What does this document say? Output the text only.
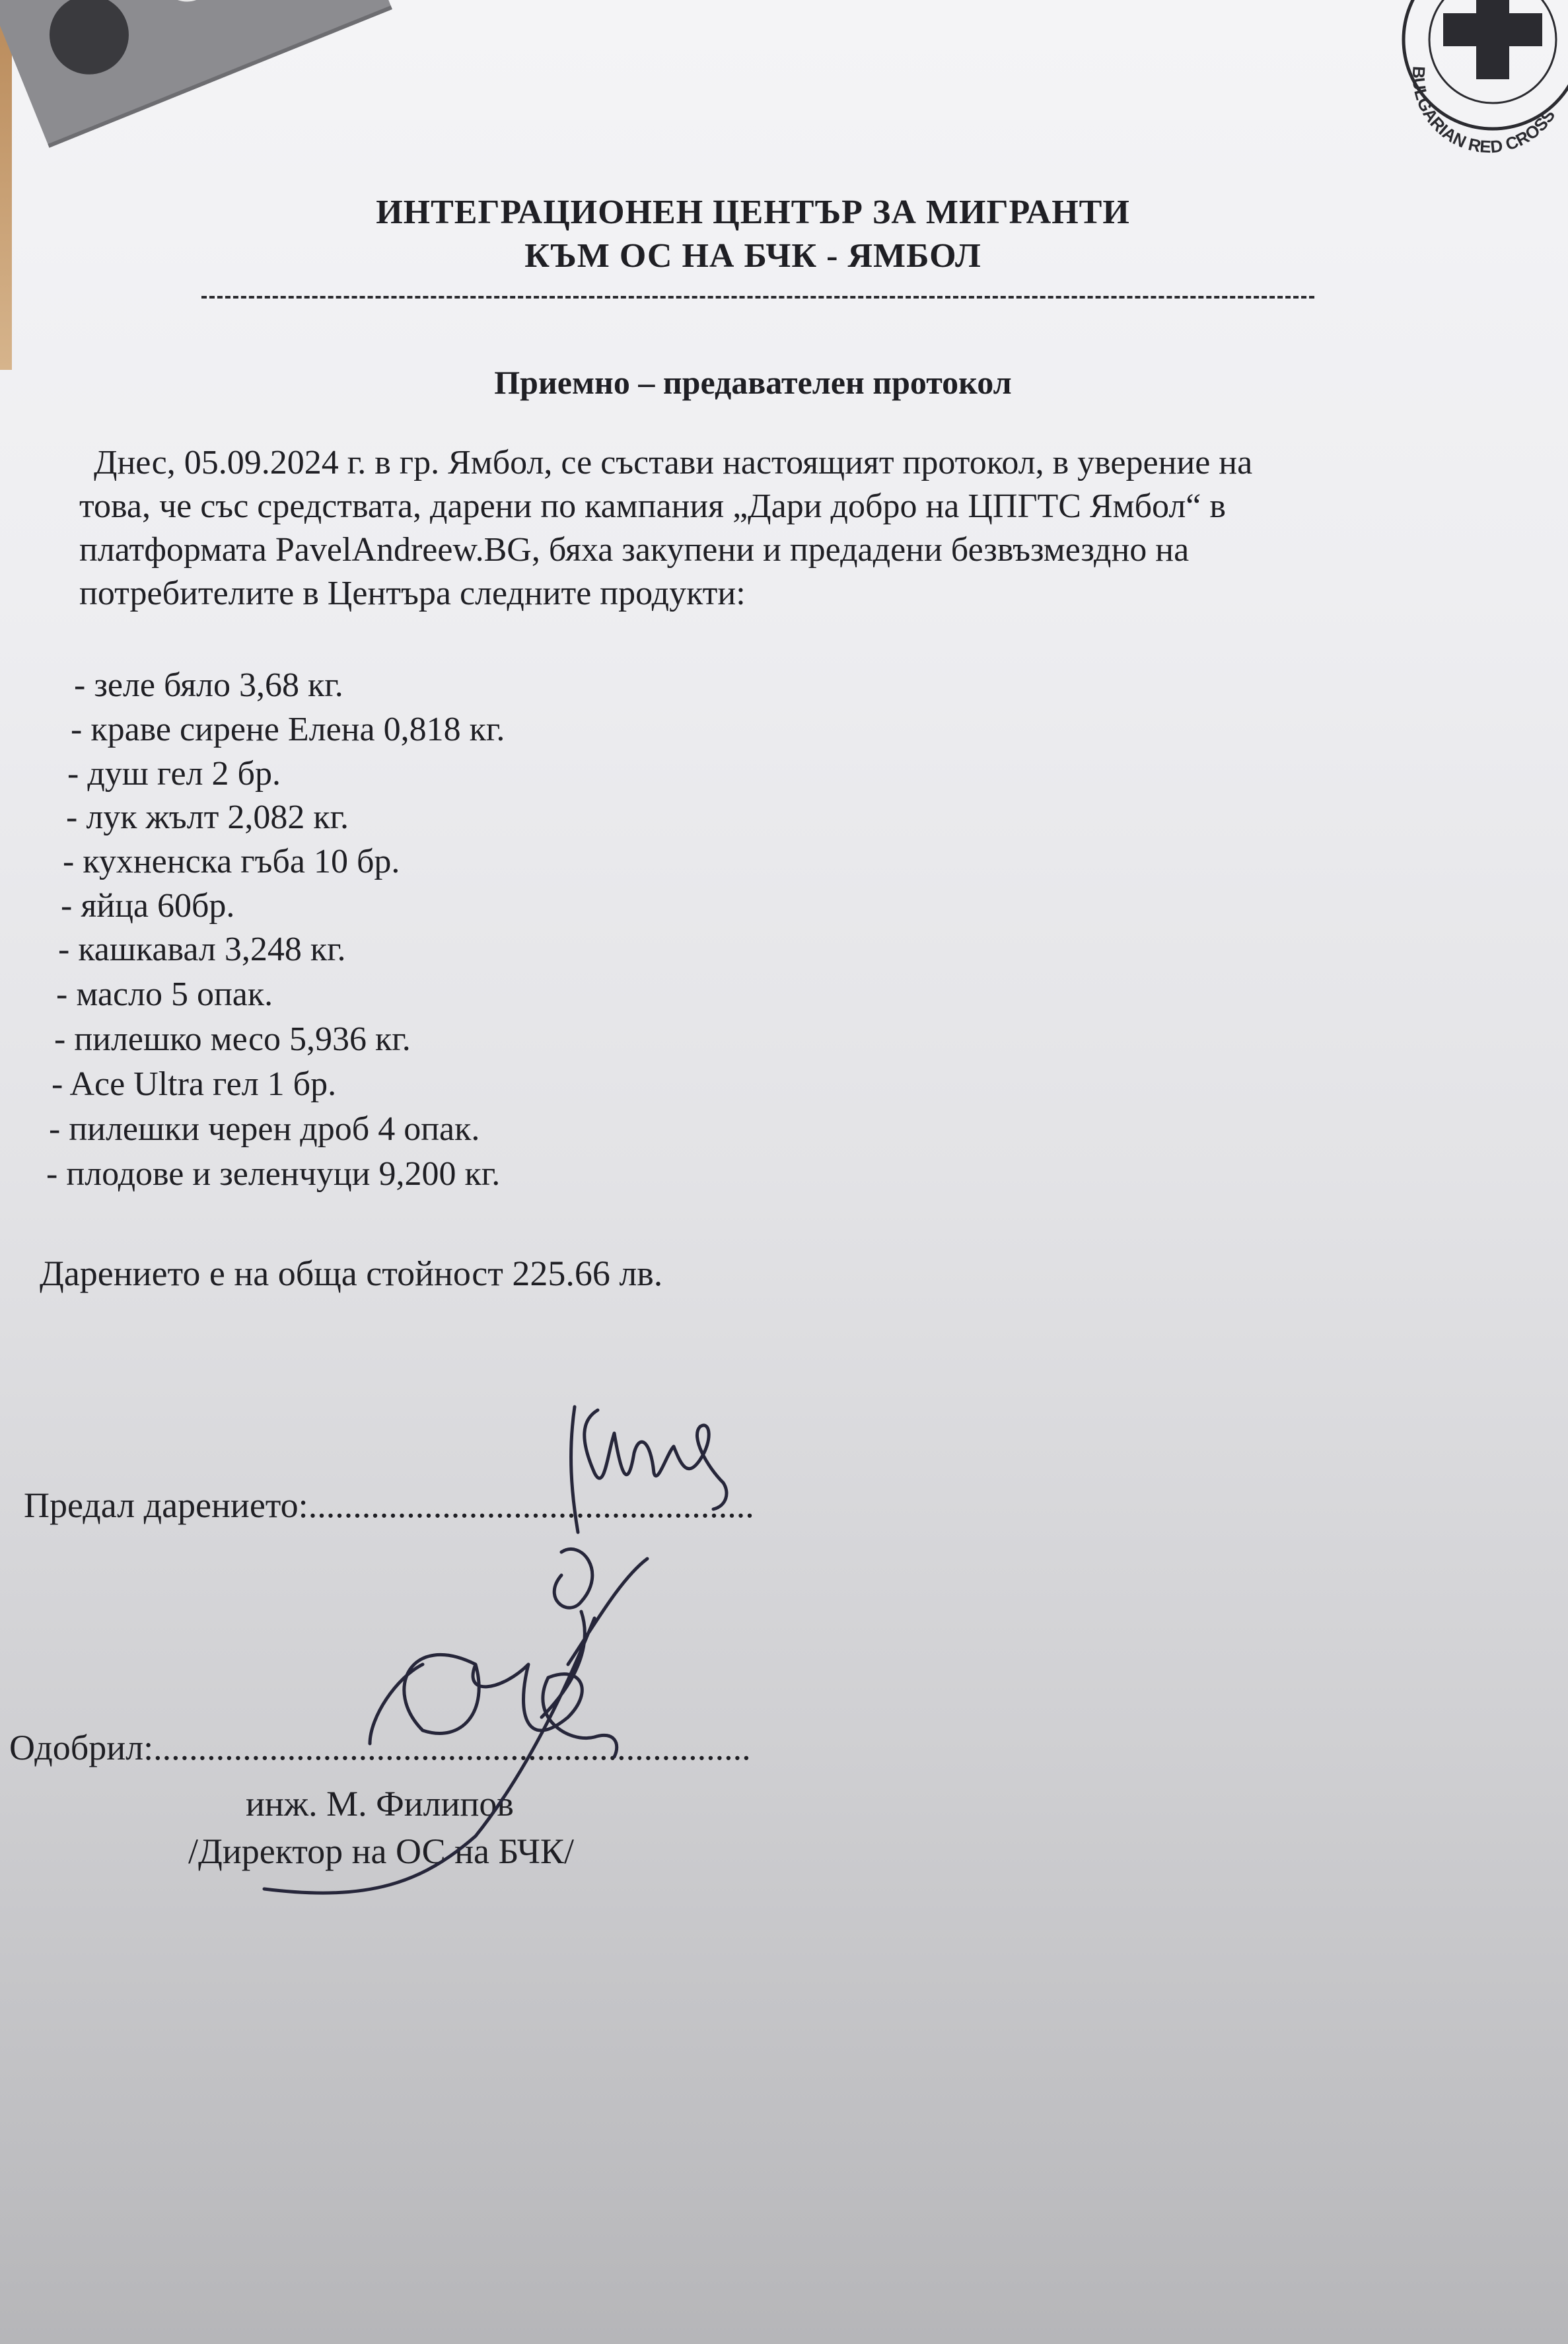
BULGARIAN RED CROSS
ИНТЕГРАЦИОНЕН ЦЕНТЪР ЗА МИГРАНТИ
КЪМ ОС НА БЧК - ЯМБОЛ
Приемно – предавателен протокол
Днес, 05.09.2024 г. в гр. Ямбол, се състави настоящият протокол, в уверение на
това, че със средствата, дарени по кампания „Дари добро на ЦПГТС Ямбол“ в
платформата PavelAndreew.BG, бяха закупени и предадени безвъзмездно на
потребителите в Центъра следните продукти:
- зеле бяло 3,68 кг.
- краве сирене Елена 0,818 кг.
- душ гел 2 бр.
- лук жълт 2,082 кг.
- кухненска гъба 10 бр.
- яйца 60бр.
- кашкавал 3,248 кг.
- масло 5 опак.
- пилешко месо 5,936 кг.
- Ace Ultra гел 1 бр.
- пилешки черен дроб 4 опак.
- плодове и зеленчуци 9,200 кг.
Дарението е на обща стойност 225.66 лв.
Предал дарението:..................................................
Одобрил:...................................................................
инж. М. Филипов
/Директор на ОС на БЧК/
